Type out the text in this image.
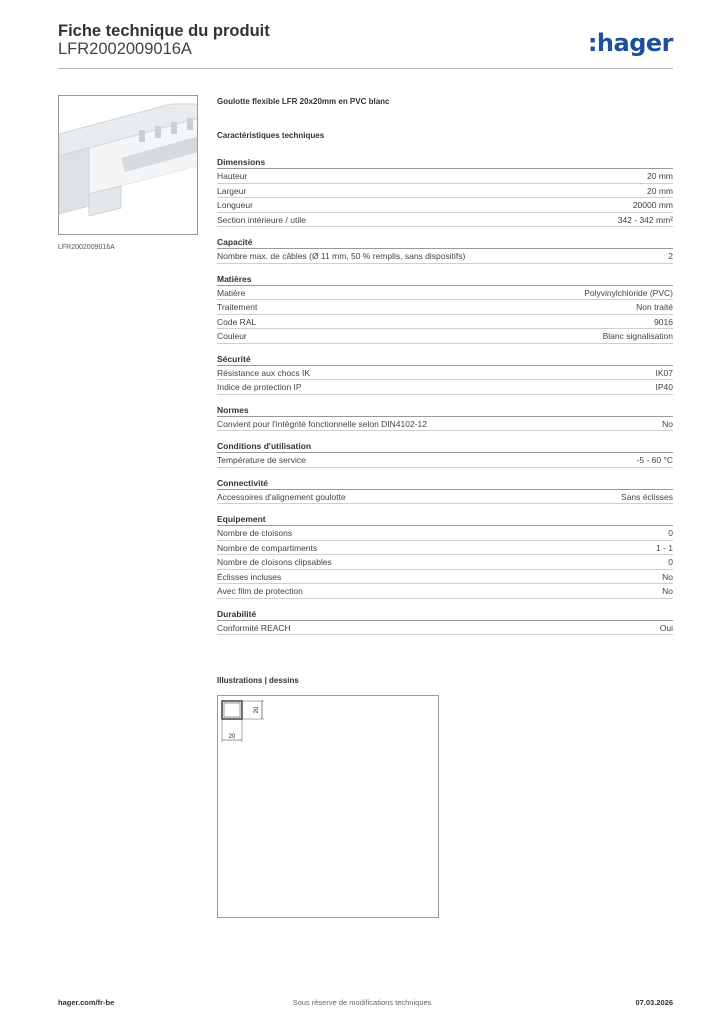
Fiche technique du produit
LFR2002009016A	:hager
LFR2002009016A
Goulotte flexible LFR 20x20mm en PVC blanc
Caractéristiques techniques
Dimensions
Hauteur	20 mm
Largeur	20 mm
Longueur	20000 mm
Section intérieure / utile	342 - 342 mm²
Capacité
Nombre max. de câbles (Ø 11 mm, 50 % remplis, sans dispositifs)	2
Matières
Matière	Polyvinylchloride (PVC)
Traitement	Non traité
Code RAL	9016
Couleur	Blanc signalisation
Sécurité
Résistance aux chocs IK	IK07
Indice de protection IP	IP40
Normes
Convient pour l'intégrité fonctionnelle selon DIN4102-12	No
Conditions d'utilisation
Température de service	-5 - 60 °C
Connectivité
Accessoires d'alignement goulotte	Sans éclisses
Equipement
Nombre de cloisons	0
Nombre de compartiments	1 - 1
Nombre de cloisons clipsables	0
Éclisses incluses	No
Avec film de protection	No
Durabilité
Conformité REACH	Oui
Illustrations | dessins
20
20
hager.com/fr-be	Sous réserve de modifications techniques	07.03.2026
